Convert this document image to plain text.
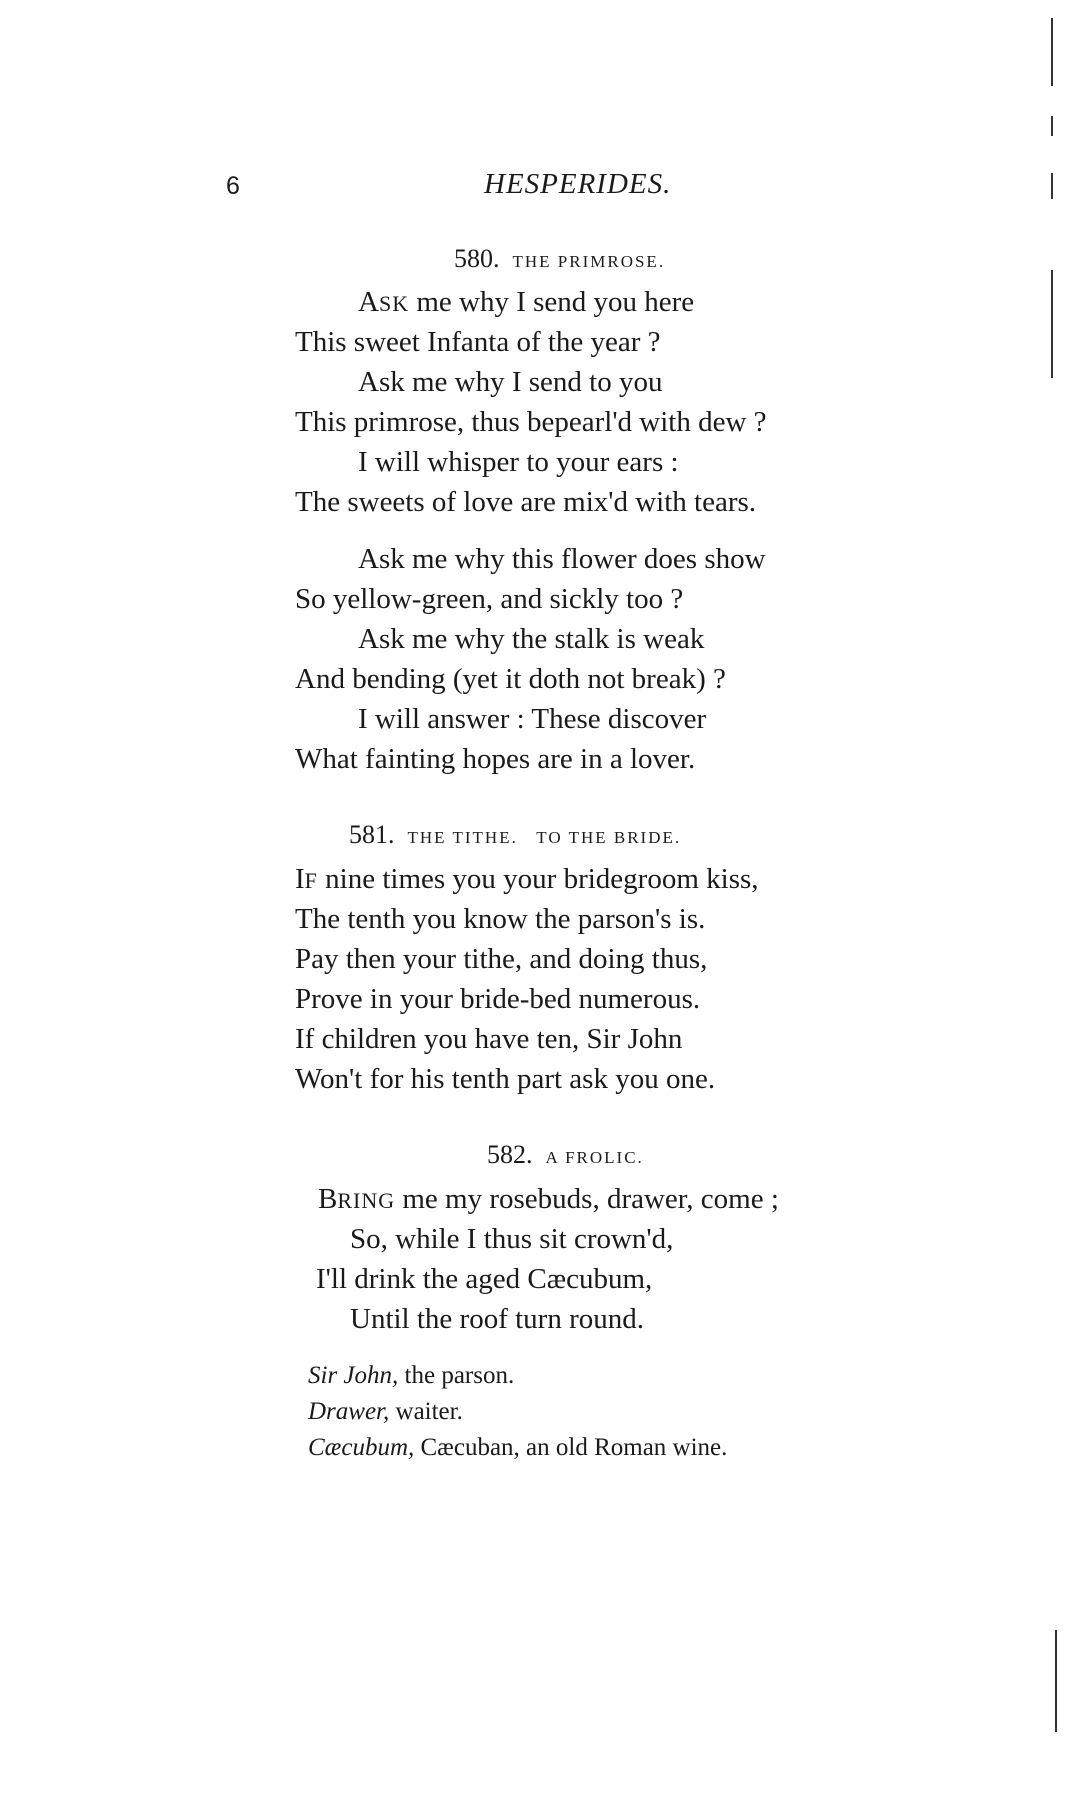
6	HESPERIDES.
580. THE PRIMROSE.
ASK me why I send you here
This sweet Infanta of the year ?
Ask me why I send to you
This primrose, thus bepearl'd with dew ?
I will whisper to your ears :
The sweets of love are mix'd with tears.
Ask me why this flower does show
So yellow-green, and sickly too ?
Ask me why the stalk is weak
And bending (yet it doth not break) ?
I will answer : These discover
What fainting hopes are in a lover.
581. THE TITHE.   TO THE BRIDE.
IF nine times you your bridegroom kiss,
The tenth you know the parson's is.
Pay then your tithe, and doing thus,
Prove in your bride-bed numerous.
If children you have ten, Sir John
Won't for his tenth part ask you one.
582. A FROLIC.
BRING me my rosebuds, drawer, come ;
So, while I thus sit crown'd,
I'll drink the aged Cæcubum,
Until the roof turn round.
Sir John, the parson.
Drawer, waiter.
Cæcubum, Cæcuban, an old Roman wine.
